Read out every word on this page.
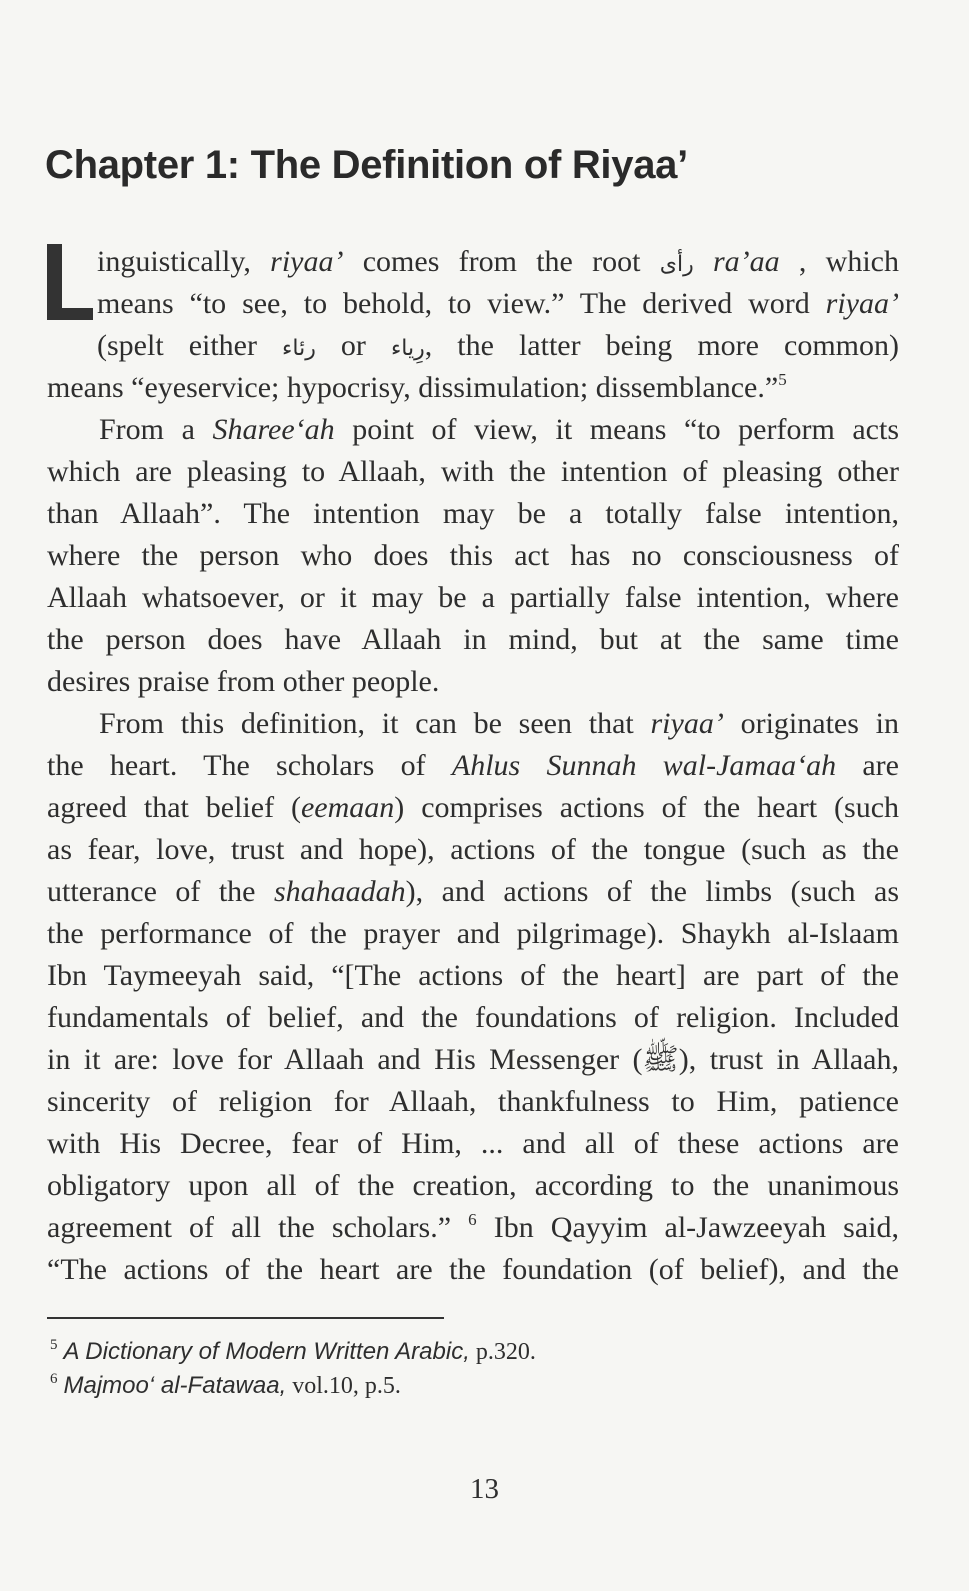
Chapter 1: The Definition of Riyaa’
inguistically, riyaa’ comes from the root رأى ra’aa , which
means “to see, to behold, to view.” The derived word riyaa’
(spelt either رئاء or رِياء, the latter being more common)
means “eyeservice; hypocrisy, dissimulation; dissemblance.”$^5$
From a Sharee‘ah point of view, it means “to perform acts
which are pleasing to Allaah, with the intention of pleasing other
than Allaah”. The intention may be a totally false intention,
where the person who does this act has no consciousness of
Allaah whatsoever, or it may be a partially false intention, where
the person does have Allaah in mind, but at the same time
desires praise from other people.
From this definition, it can be seen that riyaa’ originates in
the heart. The scholars of Ahlus Sunnah wal-Jamaa‘ah are
agreed that belief (eemaan) comprises actions of the heart (such
as fear, love, trust and hope), actions of the tongue (such as the
utterance of the shahaadah), and actions of the limbs (such as
the performance of the prayer and pilgrimage). Shaykh al-Islaam
Ibn Taymeeyah said, “[The actions of the heart] are part of the
fundamentals of belief, and the foundations of religion. Included
in it are: love for Allaah and His Messenger (ﷺ), trust in Allaah,
sincerity of religion for Allaah, thankfulness to Him, patience
with His Decree, fear of Him, ... and all of these actions are
obligatory upon all of the creation, according to the unanimous
agreement of all the scholars.” $^6$ Ibn Qayyim al-Jawzeeyah said,
“The actions of the heart are the foundation (of belief), and the
$^5$ A Dictionary of Modern Written Arabic, p.320.
$^6$ Majmoo‘ al-Fatawaa, vol.10, p.5.
13
